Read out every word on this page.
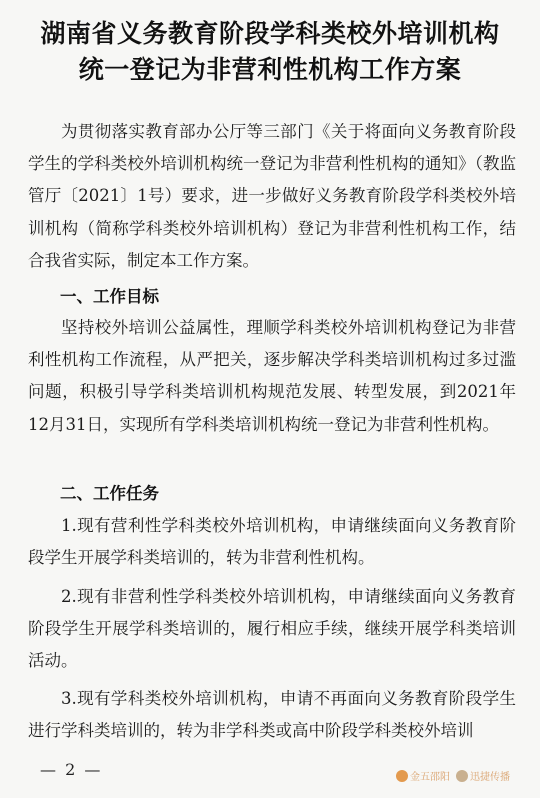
湖南省义务教育阶段学科类校外培训机构
统一登记为非营利性机构工作方案

为贯彻落实教育部办公厅等三部门《关于将面向义务教育阶段学生的学科类校外培训机构统一登记为非营利性机构的通知》（教监管厅〔2021〕1号）要求，进一步做好义务教育阶段学科类校外培训机构（简称学科类校外培训机构）登记为非营利性机构工作，结合我省实际，制定本工作方案。

一、工作目标

坚持校外培训公益属性，理顺学科类校外培训机构登记为非营利性机构工作流程，从严把关，逐步解决学科类培训机构过多过滥问题，积极引导学科类培训机构规范发展、转型发展，到2021年12月31日，实现所有学科类培训机构统一登记为非营利性机构。

二、工作任务

1.现有营利性学科类校外培训机构，申请继续面向义务教育阶段学生开展学科类培训的，转为非营利性机构。

2.现有非营利性学科类校外培训机构，申请继续面向义务教育阶段学生开展学科类培训的，履行相应手续，继续开展学科类培训活动。

3.现有学科类校外培训机构，申请不再面向义务教育阶段学生进行学科类培训的，转为非学科类或高中阶段学科类校外培训

— 2 —	金五邵阳 迅捷传播
